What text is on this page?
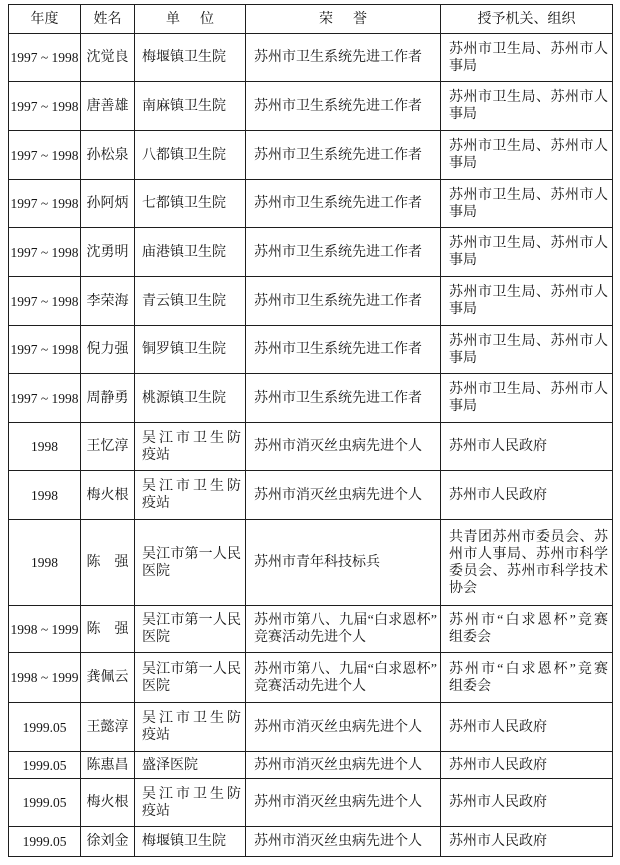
年度	姓名	单　位	荣　誉	授予机关、组织
1997 ~ 1998	沈觉良	梅堰镇卫生院	苏州市卫生系统先进工作者	苏州市卫生局、苏州市人
事局

1997 ~ 1998	唐善雄	南麻镇卫生院	苏州市卫生系统先进工作者	苏州市卫生局、苏州市人
事局

1997 ~ 1998	孙松泉	八都镇卫生院	苏州市卫生系统先进工作者	苏州市卫生局、苏州市人
事局

1997 ~ 1998	孙阿炳	七都镇卫生院	苏州市卫生系统先进工作者	苏州市卫生局、苏州市人
事局

1997 ~ 1998	沈勇明	庙港镇卫生院	苏州市卫生系统先进工作者	苏州市卫生局、苏州市人
事局

1997 ~ 1998	李荣海	青云镇卫生院	苏州市卫生系统先进工作者	苏州市卫生局、苏州市人
事局

1997 ~ 1998	倪力强	铜罗镇卫生院	苏州市卫生系统先进工作者	苏州市卫生局、苏州市人
事局

1997 ~ 1998	周静勇	桃源镇卫生院	苏州市卫生系统先进工作者	苏州市卫生局、苏州市人
事局

1998	王忆淳	吴江市卫生防
疫站	苏州市消灭丝虫病先进个人	苏州市人民政府

1998	梅火根	吴江市卫生防
疫站	苏州市消灭丝虫病先进个人	苏州市人民政府

1998	陈　强	吴江市第一人民
医院	苏州市青年科技标兵	共青团苏州市委员会、苏
州市人事局、苏州市科学
委员会、苏州市科学技术
协会

1998 ~ 1999	陈　强	吴江市第一人民
医院	苏州市第八、九届“白求恩杯”
竞赛活动先进个人	苏州市“白求恩杯”竞赛
组委会

1998 ~ 1999	龚佩云	吴江市第一人民
医院	苏州市第八、九届“白求恩杯”
竞赛活动先进个人	苏州市“白求恩杯”竞赛
组委会

1999.05	王懿淳	吴江市卫生防
疫站	苏州市消灭丝虫病先进个人	苏州市人民政府

1999.05	陈惠昌	盛泽医院	苏州市消灭丝虫病先进个人	苏州市人民政府

1999.05	梅火根	吴江市卫生防
疫站	苏州市消灭丝虫病先进个人	苏州市人民政府

1999.05	徐刘金	梅堰镇卫生院	苏州市消灭丝虫病先进个人	苏州市人民政府
